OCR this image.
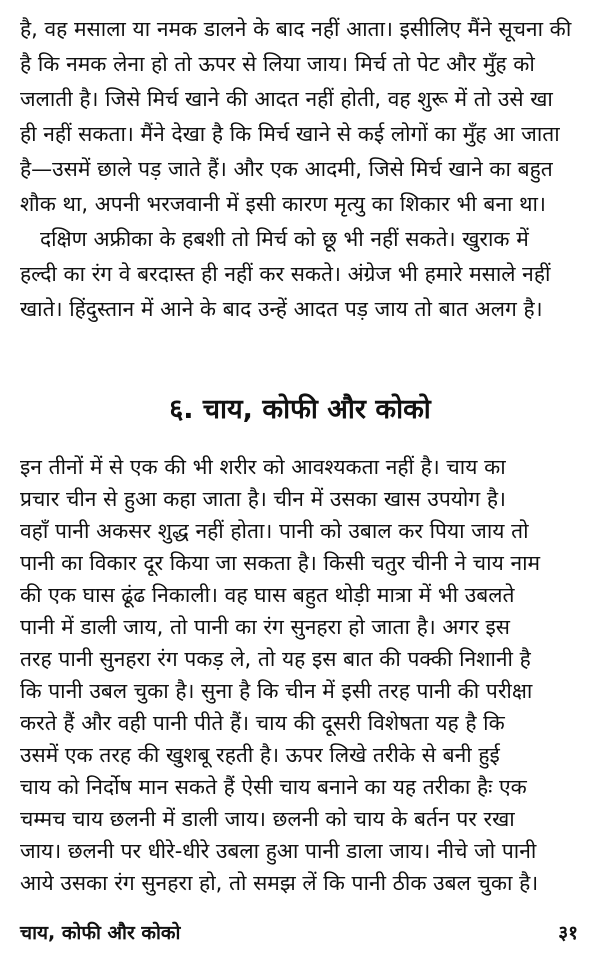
है, वह मसाला या नमक डालने के बाद नहीं आता। इसीलिए मैंने सूचना की
है कि नमक लेना हो तो ऊपर से लिया जाय। मिर्च तो पेट और मुँह को
जलाती है। जिसे मिर्च खाने की आदत नहीं होती, वह शुरू में तो उसे खा
ही नहीं सकता। मैंने देखा है कि मिर्च खाने से कई लोगों का मुँह आ जाता
है—उसमें छाले पड़ जाते हैं। और एक आदमी, जिसे मिर्च खाने का बहुत
शौक था, अपनी भरजवानी में इसी कारण मृत्यु का शिकार भी बना था।
दक्षिण अफ्रीका के हबशी तो मिर्च को छू भी नहीं सकते। खुराक में
हल्दी का रंग वे बरदास्त ही नहीं कर सकते। अंग्रेज भी हमारे मसाले नहीं
खाते। हिंदुस्तान में आने के बाद उन्हें आदत पड़ जाय तो बात अलग है।
६. चाय, कोफी और कोको
इन तीनों में से एक की भी शरीर को आवश्यकता नहीं है। चाय का
प्रचार चीन से हुआ कहा जाता है। चीन में उसका खास उपयोग है।
वहाँ पानी अकसर शुद्ध नहीं होता। पानी को उबाल कर पिया जाय तो
पानी का विकार दूर किया जा सकता है। किसी चतुर चीनी ने चाय नाम
की एक घास ढूंढ निकाली। वह घास बहुत थोड़ी मात्रा में भी उबलते
पानी में डाली जाय, तो पानी का रंग सुनहरा हो जाता है। अगर इस
तरह पानी सुनहरा रंग पकड़ ले, तो यह इस बात की पक्की निशानी है
कि पानी उबल चुका है। सुना है कि चीन में इसी तरह पानी की परीक्षा
करते हैं और वही पानी पीते हैं। चाय की दूसरी विशेषता यह है कि
उसमें एक तरह की खुशबू रहती है। ऊपर लिखे तरीके से बनी हुई
चाय को निर्दोष मान सकते हैं ऐसी चाय बनाने का यह तरीका हैः एक
चम्मच चाय छलनी में डाली जाय। छलनी को चाय के बर्तन पर रखा
जाय। छलनी पर धीरे-धीरे उबला हुआ पानी डाला जाय। नीचे जो पानी
आये उसका रंग सुनहरा हो, तो समझ लें कि पानी ठीक उबल चुका है।
चाय, कोफी और कोको	३१
